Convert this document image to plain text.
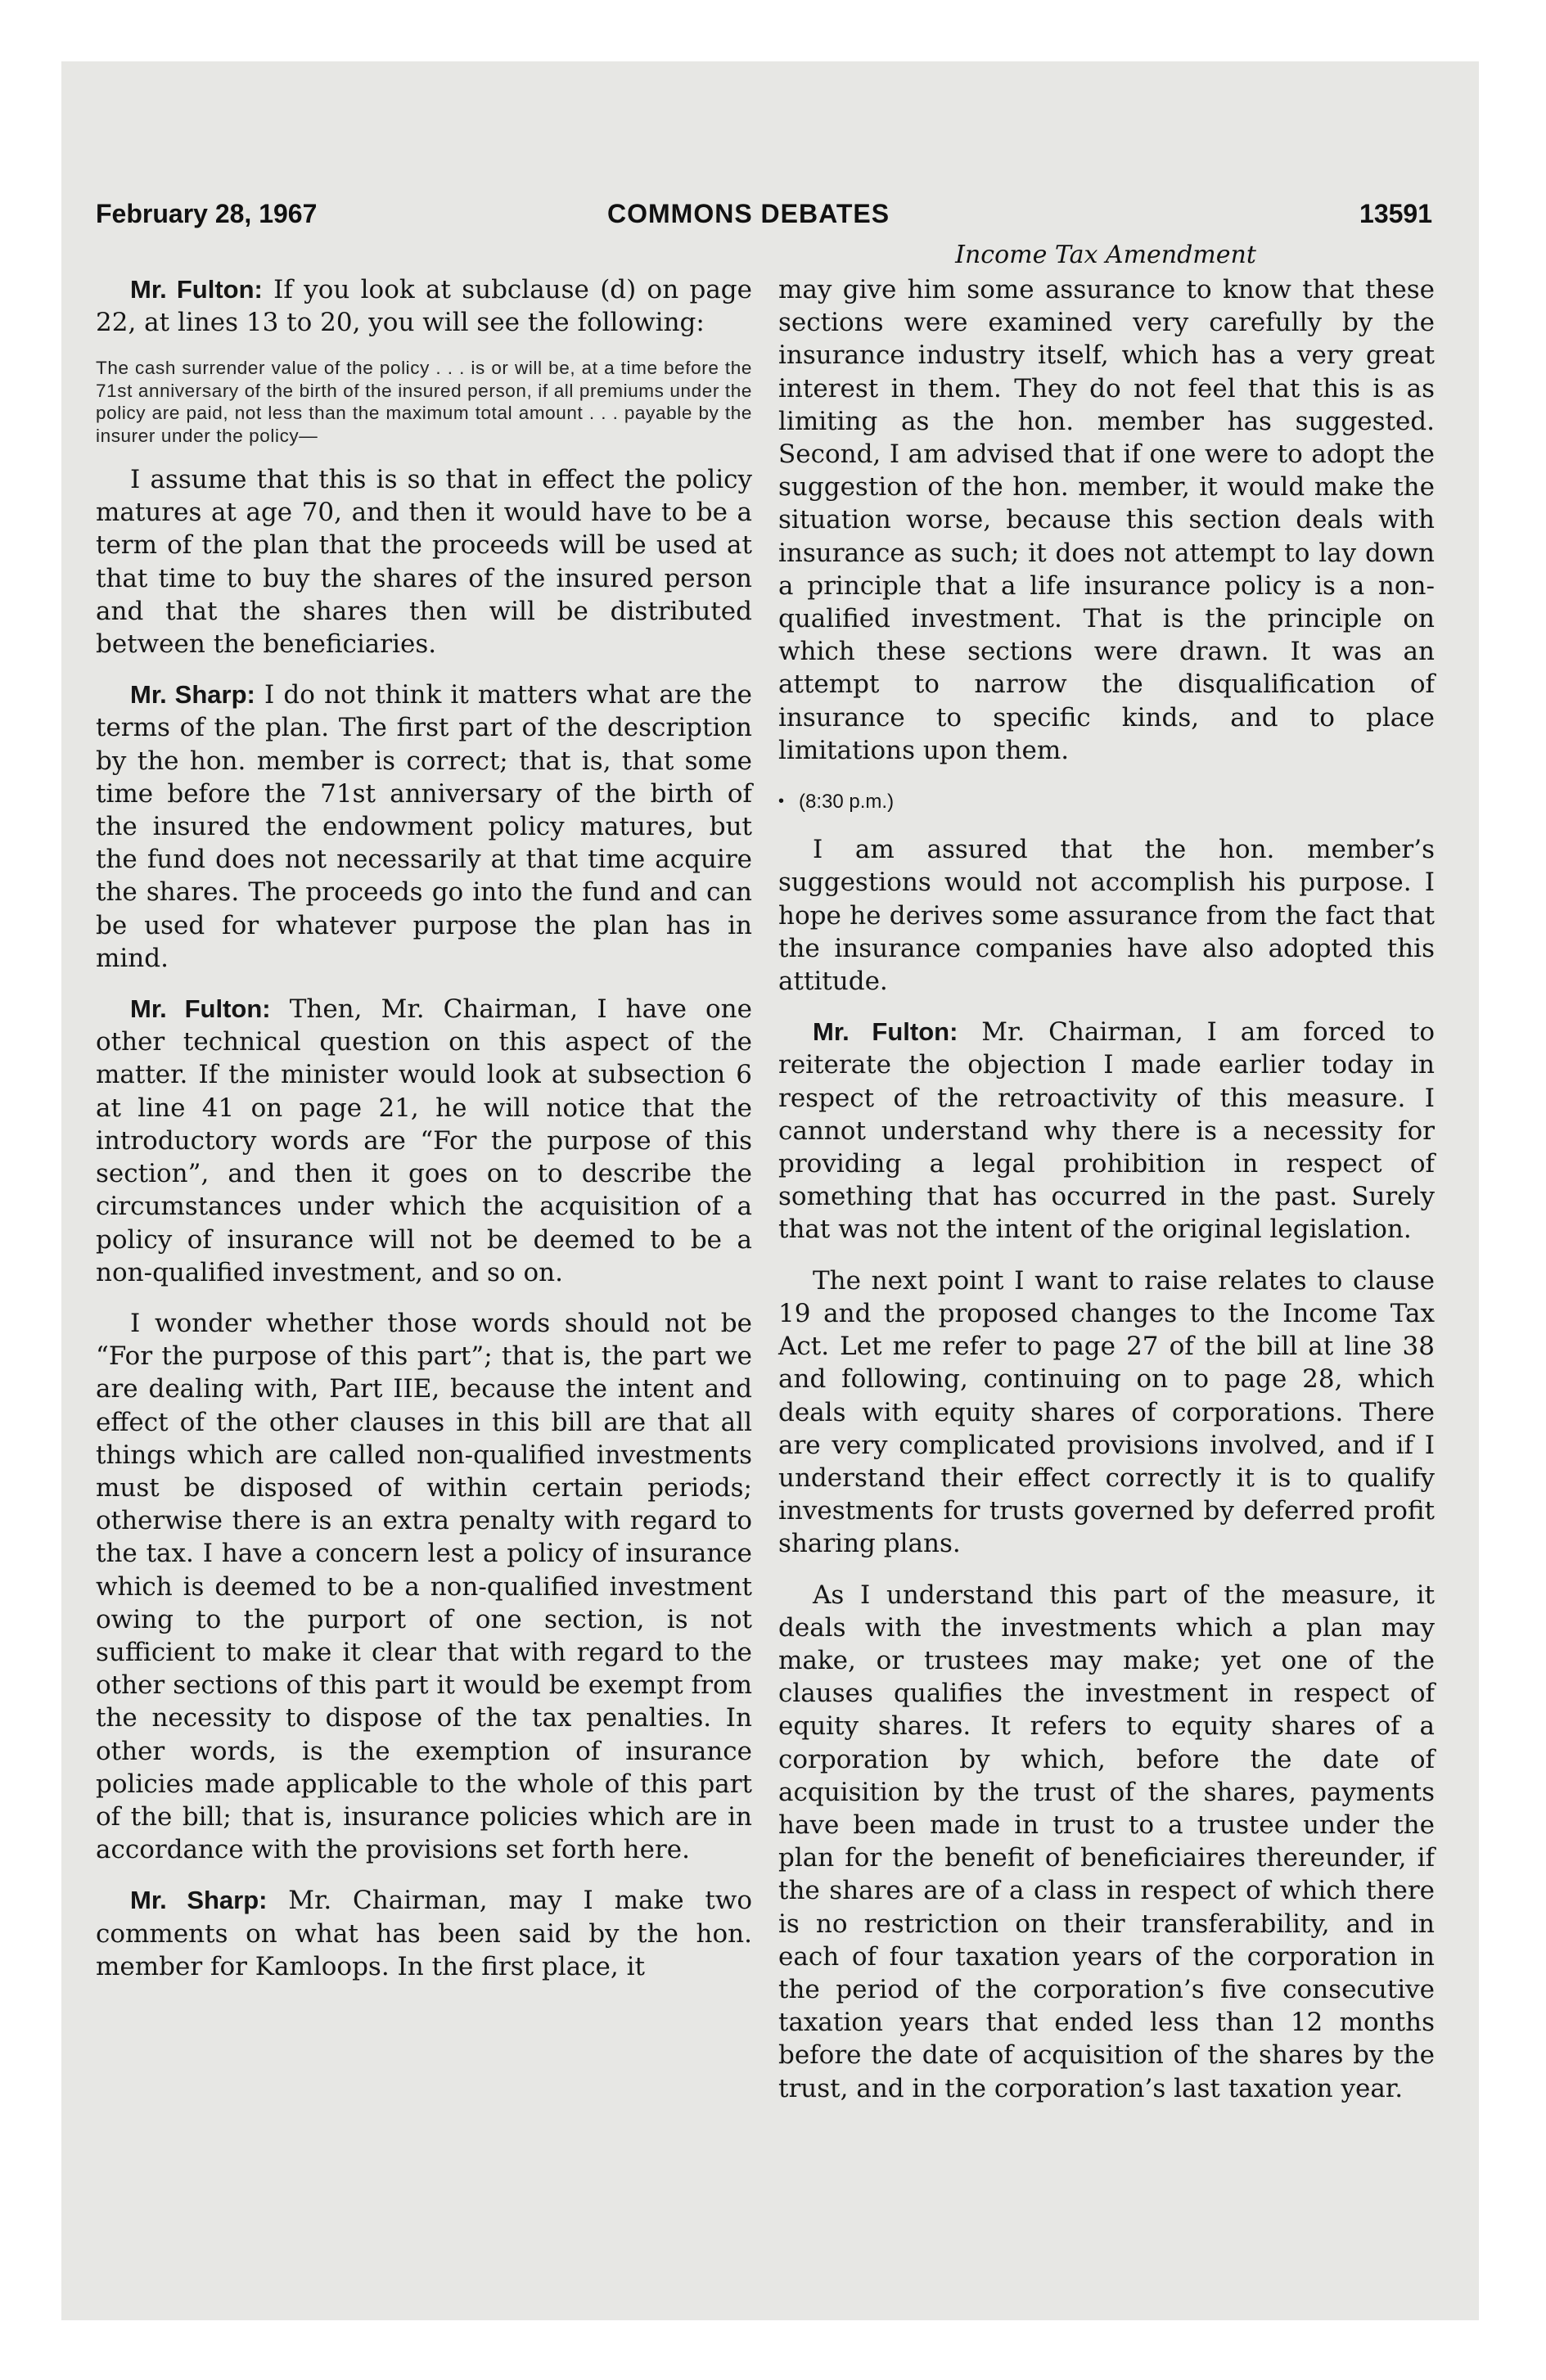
February 28, 1967	COMMONS DEBATES	13591
Income Tax Amendment

Mr. Fulton: If you look at subclause (d) on page 22, at lines 13 to 20, you will see the following:

The cash surrender value of the policy . . . is or will be, at a time before the 71st anniversary of the birth of the insured person, if all premiums under the policy are paid, not less than the maximum total amount . . . payable by the insurer under the policy—

I assume that this is so that in effect the policy matures at age 70, and then it would have to be a term of the plan that the proceeds will be used at that time to buy the shares of the insured person and that the shares then will be distributed between the beneficiaries.

Mr. Sharp: I do not think it matters what are the terms of the plan. The first part of the description by the hon. member is correct; that is, that some time before the 71st anniversary of the birth of the insured the endowment policy matures, but the fund does not necessarily at that time acquire the shares. The proceeds go into the fund and can be used for whatever purpose the plan has in mind.

Mr. Fulton: Then, Mr. Chairman, I have one other technical question on this aspect of the matter. If the minister would look at subsection 6 at line 41 on page 21, he will notice that the introductory words are “For the purpose of this section”, and then it goes on to describe the circumstances under which the acquisition of a policy of insurance will not be deemed to be a non-qualified investment, and so on.

I wonder whether those words should not be “For the purpose of this part”; that is, the part we are dealing with, Part IIE, because the intent and effect of the other clauses in this bill are that all things which are called non-qualified investments must be disposed of within certain periods; otherwise there is an extra penalty with regard to the tax. I have a concern lest a policy of insurance which is deemed to be a non-qualified investment owing to the purport of one section, is not sufficient to make it clear that with regard to the other sections of this part it would be exempt from the necessity to dispose of the tax penalties. In other words, is the exemption of insurance policies made applicable to the whole of this part of the bill; that is, insurance policies which are in accordance with the provisions set forth here.

Mr. Sharp: Mr. Chairman, may I make two comments on what has been said by the hon. member for Kamloops. In the first place, it

may give him some assurance to know that these sections were examined very carefully by the insurance industry itself, which has a very great interest in them. They do not feel that this is as limiting as the hon. member has suggested. Second, I am advised that if one were to adopt the suggestion of the hon. member, it would make the situation worse, because this section deals with insurance as such; it does not attempt to lay down a principle that a life insurance policy is a non-qualified investment. That is the principle on which these sections were drawn. It was an attempt to narrow the disqualification of insurance to specific kinds, and to place limitations upon them.

• (8:30 p.m.)

I am assured that the hon. member’s suggestions would not accomplish his purpose. I hope he derives some assurance from the fact that the insurance companies have also adopted this attitude.

Mr. Fulton: Mr. Chairman, I am forced to reiterate the objection I made earlier today in respect of the retroactivity of this measure. I cannot understand why there is a necessity for providing a legal prohibition in respect of something that has occurred in the past. Surely that was not the intent of the original legislation.

The next point I want to raise relates to clause 19 and the proposed changes to the Income Tax Act. Let me refer to page 27 of the bill at line 38 and following, continuing on to page 28, which deals with equity shares of corporations. There are very complicated provisions involved, and if I understand their effect correctly it is to qualify investments for trusts governed by deferred profit sharing plans.

As I understand this part of the measure, it deals with the investments which a plan may make, or trustees may make; yet one of the clauses qualifies the investment in respect of equity shares. It refers to equity shares of a corporation by which, before the date of acquisition by the trust of the shares, payments have been made in trust to a trustee under the plan for the benefit of beneficiaires thereunder, if the shares are of a class in respect of which there is no restriction on their transferability, and in each of four taxation years of the corporation in the period of the corporation’s five consecutive taxation years that ended less than 12 months before the date of acquisition of the shares by the trust, and in the corporation’s last taxation year.
